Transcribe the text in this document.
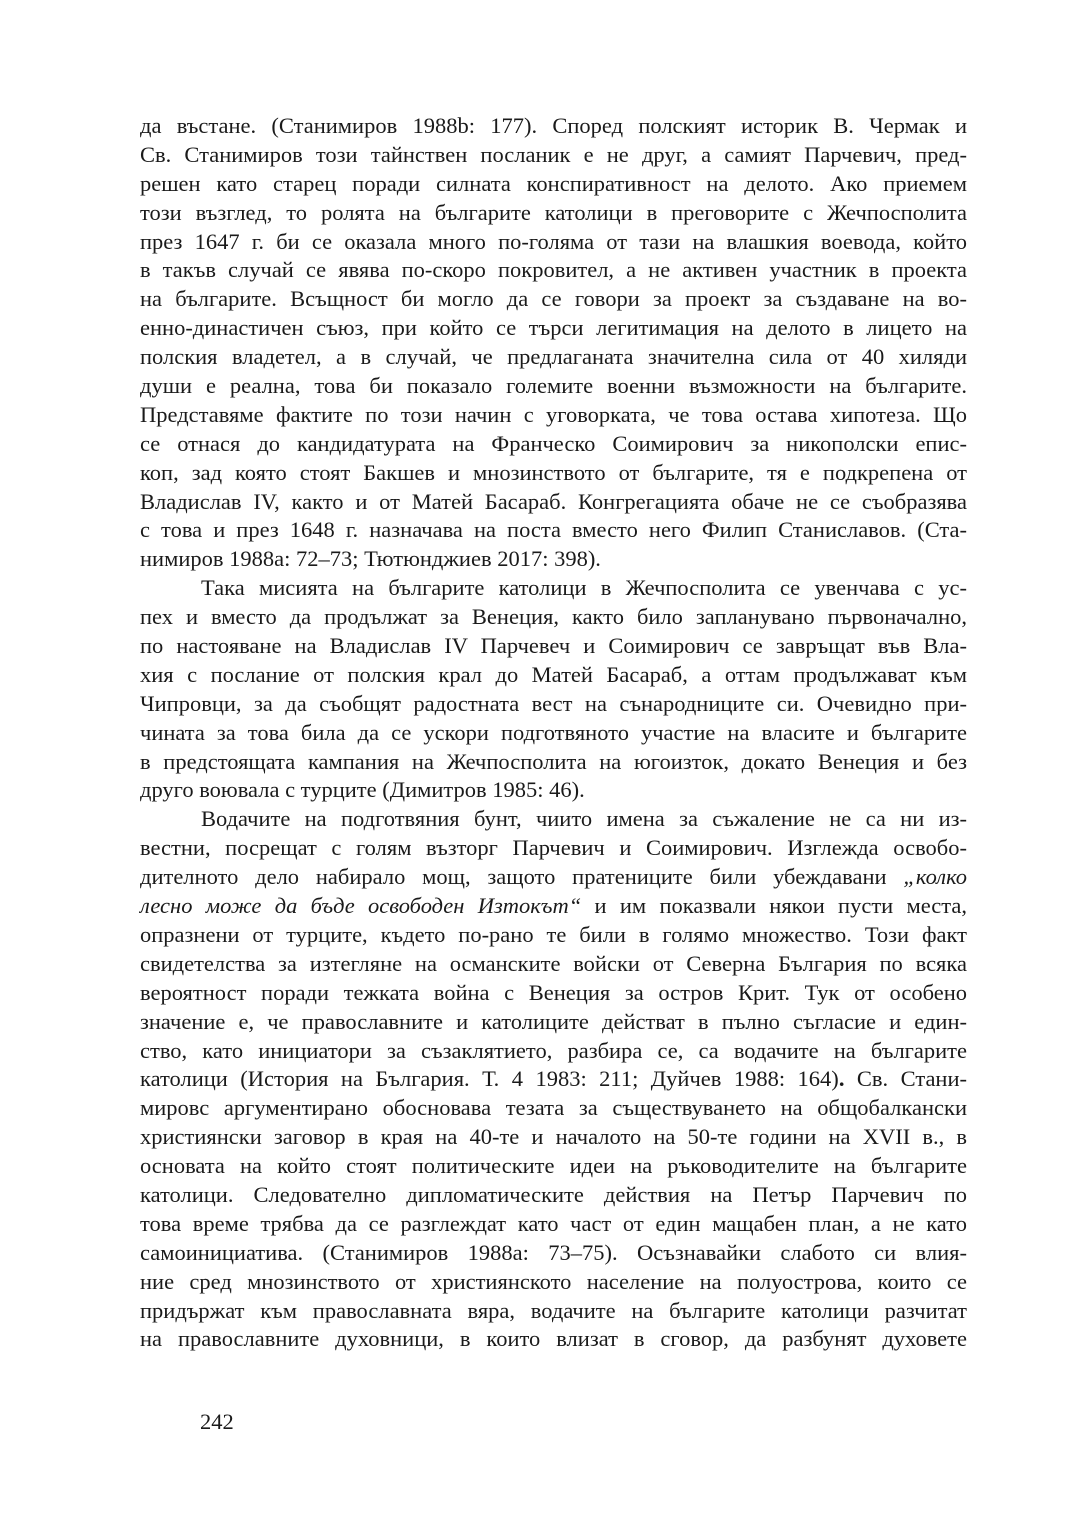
да въстане. (Станимиров 1988b: 177). Според полският историк В. Чермак и
Св. Станимиров този тайнствен посланик е не друг, а самият Парчевич, пред-
решен като старец поради силната конспиративност на делото. Ако приемем
този възглед, то ролята на българите католици в преговорите с Жечпосполита
през 1647 г. би се оказала много по-голяма от тази на влашкия воевода, който
в такъв случай се явява по-скоро покровител, а не активен участник в проекта
на българите. Всъщност би могло да се говори за проект за създаване на во-
енно-династичен съюз, при който се търси легитимация на делото в лицето на
полския владетел, а в случай, че предлаганата значителна сила от 40 хиляди
души е реална, това би показало големите военни възможности на българите.
Представяме фактите по този начин с уговорката, че това остава хипотеза. Що
се отнася до кандидатурата на Франческо Соимирович за никополски епис-
коп, зад която стоят Бакшев и мнозинството от българите, тя е подкрепена от
Владислав IV, както и от Матей Басараб. Конгрегацията обаче не се съобразява
с това и през 1648 г. назначава на поста вместо него Филип Станиславов. (Ста-
нимиров 1988а: 72–73; Тютюнджиев 2017: 398).
Така мисията на българите католици в Жечпосполита се увенчава с ус-
пех и вместо да продължат за Венеция, както било запланувано първоначално,
по настояване на Владислав IV Парчевеч и Соимирович се завръщат във Вла-
хия с послание от полския крал до Матей Басараб, а оттам продължават към
Чипровци, за да съобщят радостната вест на сънародниците си. Очевидно при-
чината за това била да се ускори подготвяното участие на власите и българите
в предстоящата кампания на Жечпосполита на югоизток, докато Венеция и без
друго воювала с турците (Димитров 1985: 46).
Водачите на подготвяния бунт, чиито имена за съжаление не са ни из-
вестни, посрещат с голям възторг Парчевич и Соимирович. Изглежда освобо-
дителното дело набирало мощ, защото пратениците били убеждавани „колко
лесно може да бъде освободен Изтокът“ и им показвали някои пусти места,
опразнени от турците, където по-рано те били в голямо множество. Този факт
свидетелства за изтегляне на османските войски от Северна България по всяка
вероятност поради тежката война с Венеция за остров Крит. Тук от особено
значение е, че православните и католиците действат в пълно съгласие и един-
ство, като инициатори за съзаклятието, разбира се, са водачите на българите
католици (История на България. Т. 4 1983: 211; Дуйчев 1988: 164). Св. Стани-
мировс аргументирано обосновава тезата за съществуването на общобалкански
християнски заговор в края на 40-те и началото на 50-те години на XVII в., в
основата на който стоят политическите идеи на ръководителите на българите
католици. Следователно дипломатическите действия на Петър Парчевич по
това време трябва да се разглеждат като част от един мащабен план, а не като
самоинициатива. (Станимиров 1988а: 73–75). Осъзнавайки слабото си влия-
ние сред мнозинството от християнското население на полуострова, които се
придържат към православната вяра, водачите на българите католици разчитат
на православните духовници, в които влизат в сговор, да разбунят духовете
242
